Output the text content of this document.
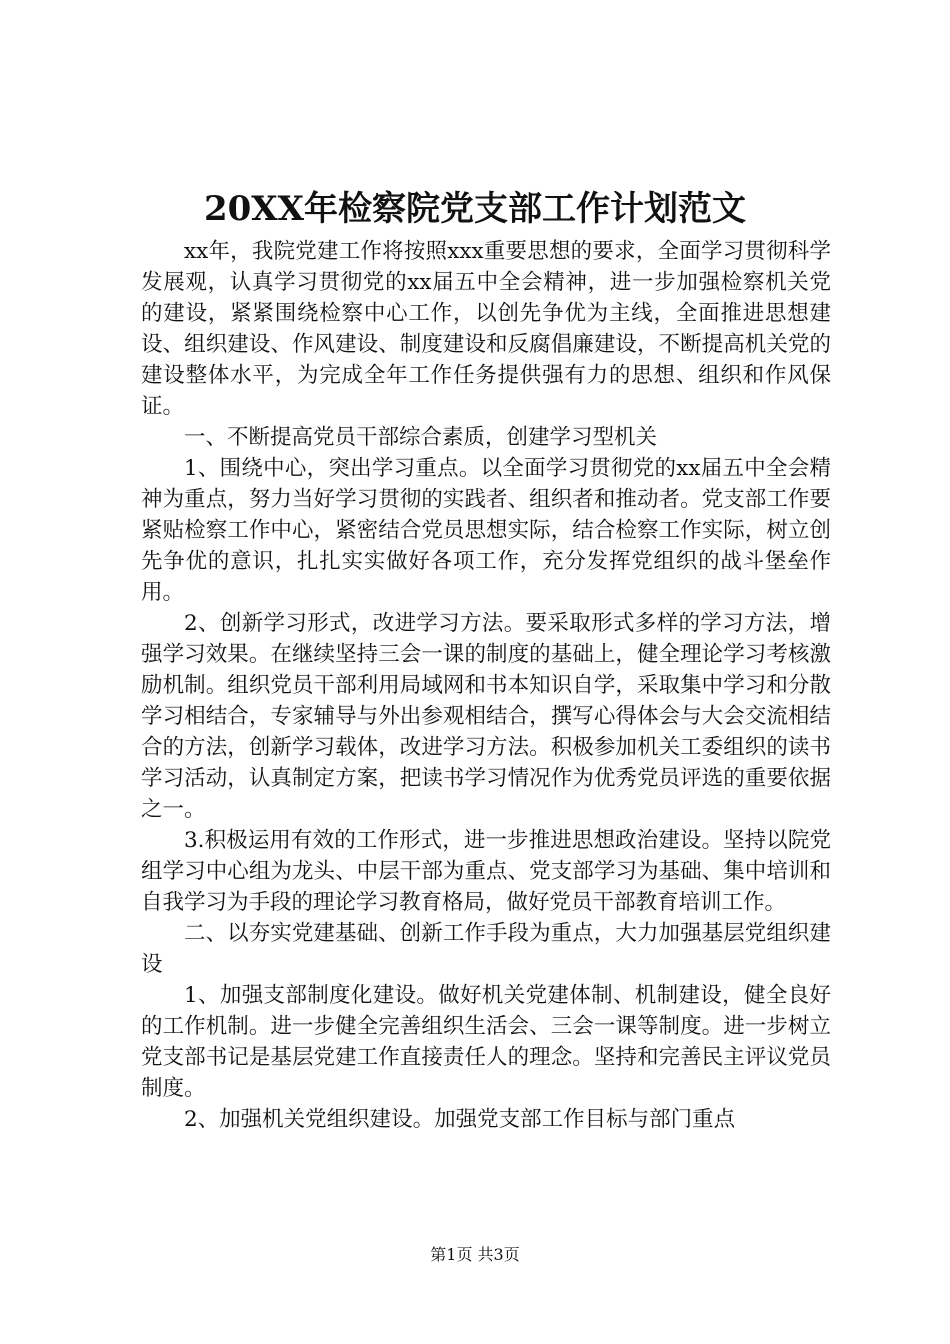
20XX年检察院党支部工作计划范文

xx年，我院党建工作将按照xxx重要思想的要求，全面学习贯彻科学发展观，认真学习贯彻党的xx届五中全会精神，进一步加强检察机关党的建设，紧紧围绕检察中心工作，以创先争优为主线，全面推进思想建设、组织建设、作风建设、制度建设和反腐倡廉建设，不断提高机关党的建设整体水平，为完成全年工作任务提供强有力的思想、组织和作风保证。

一、不断提高党员干部综合素质，创建学习型机关

1、围绕中心，突出学习重点。以全面学习贯彻党的xx届五中全会精神为重点，努力当好学习贯彻的实践者、组织者和推动者。党支部工作要紧贴检察工作中心，紧密结合党员思想实际，结合检察工作实际，树立创先争优的意识，扎扎实实做好各项工作，充分发挥党组织的战斗堡垒作用。

2、创新学习形式，改进学习方法。要采取形式多样的学习方法，增强学习效果。在继续坚持三会一课的制度的基础上，健全理论学习考核激励机制。组织党员干部利用局域网和书本知识自学，采取集中学习和分散学习相结合，专家辅导与外出参观相结合，撰写心得体会与大会交流相结合的方法，创新学习载体，改进学习方法。积极参加机关工委组织的读书学习活动，认真制定方案，把读书学习情况作为优秀党员评选的重要依据之一。

3.积极运用有效的工作形式，进一步推进思想政治建设。坚持以院党组学习中心组为龙头、中层干部为重点、党支部学习为基础、集中培训和自我学习为手段的理论学习教育格局，做好党员干部教育培训工作。

二、以夯实党建基础、创新工作手段为重点，大力加强基层党组织建设

1、加强支部制度化建设。做好机关党建体制、机制建设，健全良好的工作机制。进一步健全完善组织生活会、三会一课等制度。进一步树立党支部书记是基层党建工作直接责任人的理念。坚持和完善民主评议党员制度。

2、加强机关党组织建设。加强党支部工作目标与部门重点

第1页 共3页
